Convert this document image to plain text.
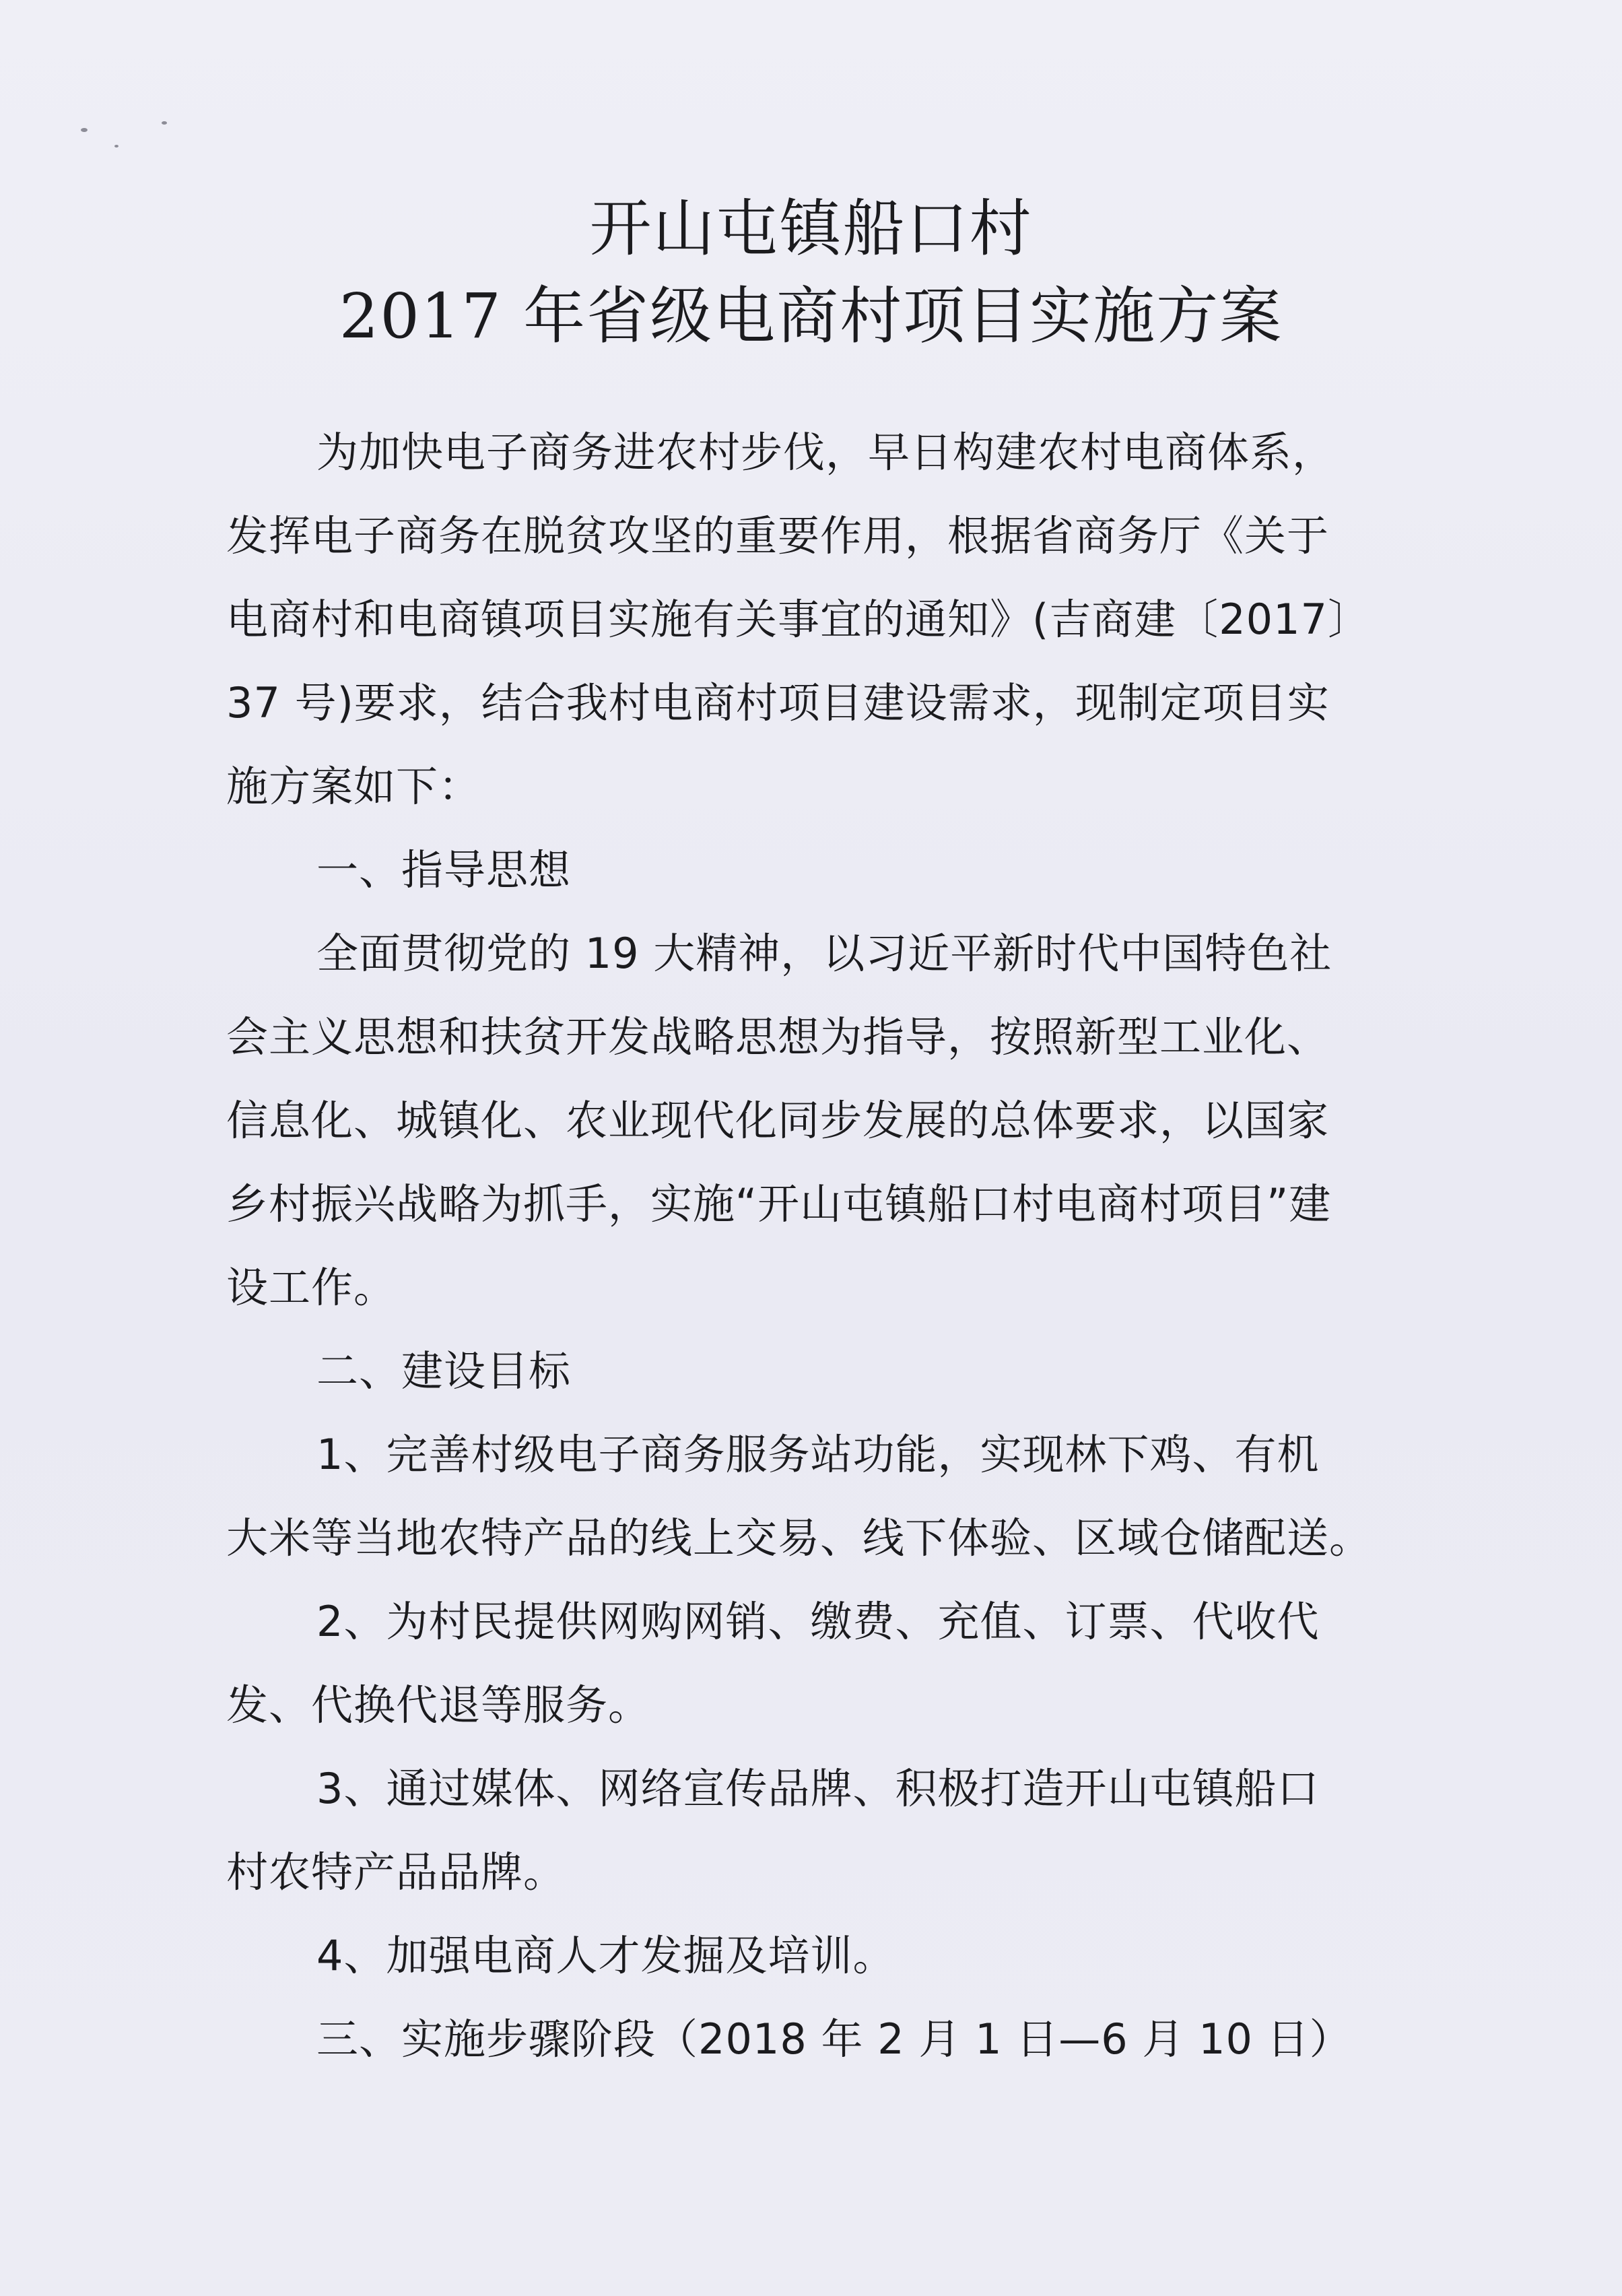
开山屯镇船口村
2017 年省级电商村项目实施方案
为加快电子商务进农村步伐，早日构建农村电商体系，
发挥电子商务在脱贫攻坚的重要作用，根据省商务厅《关于
电商村和电商镇项目实施有关事宜的通知》(吉商建〔2017〕
37 号)要求，结合我村电商村项目建设需求，现制定项目实
施方案如下：
一、指导思想
全面贯彻党的 19 大精神，以习近平新时代中国特色社
会主义思想和扶贫开发战略思想为指导，按照新型工业化、
信息化、城镇化、农业现代化同步发展的总体要求，以国家
乡村振兴战略为抓手，实施“开山屯镇船口村电商村项目”建
设工作。
二、建设目标
1、完善村级电子商务服务站功能，实现林下鸡、有机
大米等当地农特产品的线上交易、线下体验、区域仓储配送。
2、为村民提供网购网销、缴费、充值、订票、代收代
发、代换代退等服务。
3、通过媒体、网络宣传品牌、积极打造开山屯镇船口
村农特产品品牌。
4、加强电商人才发掘及培训。
三、实施步骤阶段（2018 年 2 月 1 日—6 月 10 日）
